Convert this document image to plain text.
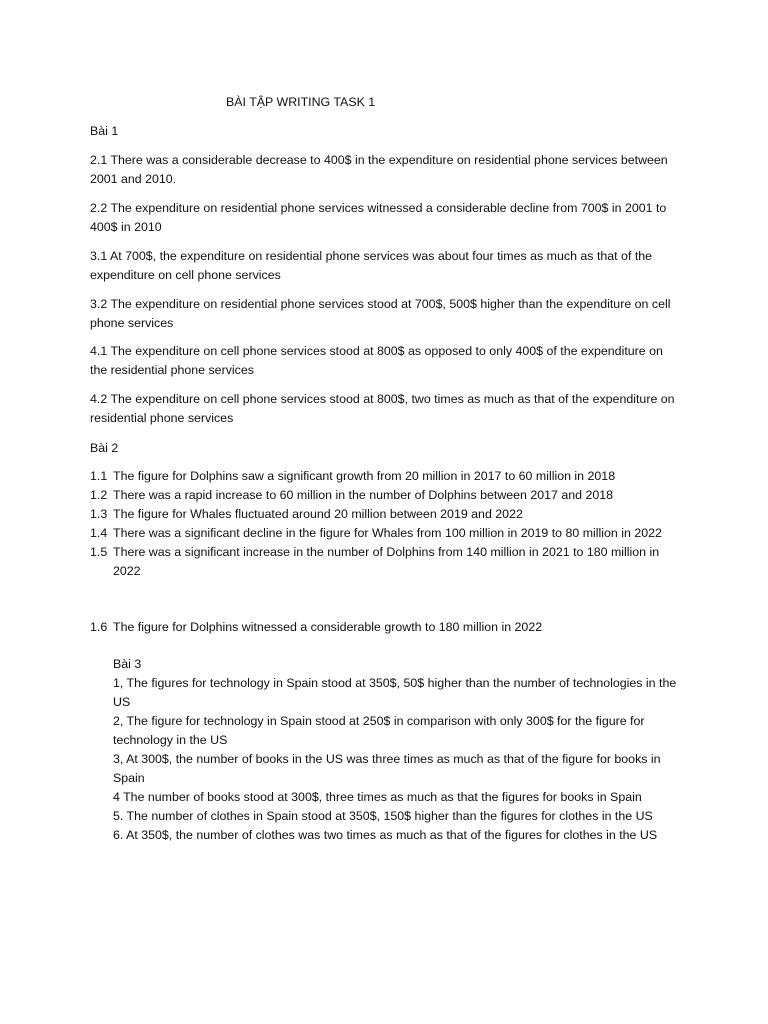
BÀI TẬP WRITING TASK 1

Bài 1

2.1 There was a considerable decrease to 400$ in the expenditure on residential phone services between 2001 and 2010.

2.2 The expenditure on residential phone services witnessed a considerable decline from 700$ in 2001 to 400$ in 2010

3.1 At 700$, the expenditure on residential phone services was about four times as much as that of the expenditure on cell phone services

3.2 The expenditure on residential phone services stood at 700$, 500$ higher than the expenditure on cell phone services

4.1 The expenditure on cell phone services stood at 800$ as opposed to only 400$ of the expenditure on the residential phone services

4.2 The expenditure on cell phone services stood at 800$, two times as much as that of the expenditure on residential phone services

Bài 2

1.1 The figure for Dolphins saw a significant growth from 20 million in 2017 to 60 million in 2018
1.2 There was a rapid increase to 60 million in the number of Dolphins between 2017 and 2018
1.3 The figure for Whales fluctuated around 20 million between 2019 and 2022
1.4 There was a significant decline in the figure for Whales from 100 million in 2019 to 80 million in 2022
1.5 There was a significant increase in the number of Dolphins from 140 million in 2021 to 180 million in 2022
1.6 The figure for Dolphins witnessed a considerable growth to 180 million in 2022

Bài 3

1, The figures for technology in Spain stood at 350$, 50$ higher than the number of technologies in the US
2, The figure for technology in Spain stood at 250$ in comparison with only 300$ for the figure for technology in the US
3, At 300$, the number of books in the US was three times as much as that of the figure for books in Spain
4 The number of books stood at 300$, three times as much as that the figures for books in Spain
5. The number of clothes in Spain stood at 350$, 150$ higher than the figures for clothes in the US
6. At 350$, the number of clothes was two times as much as that of the figures for clothes in the US
